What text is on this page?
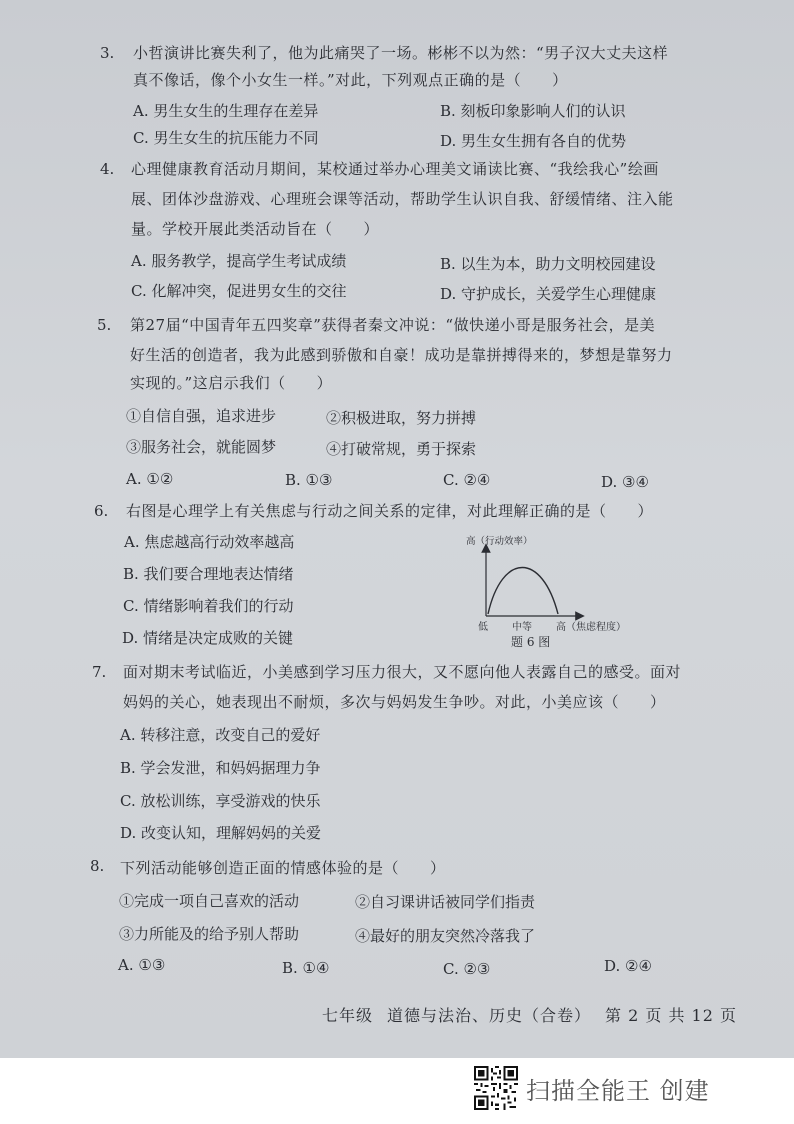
3. 小哲演讲比赛失利了，他为此痛哭了一场。彬彬不以为然：“男子汉大丈夫这样
真不像话，像个小女生一样。”对此，下列观点正确的是（　　）
A. 男生女生的生理存在差异	B. 刻板印象影响人们的认识
C. 男生女生的抗压能力不同	D. 男生女生拥有各自的优势
4. 心理健康教育活动月期间，某校通过举办心理美文诵读比赛、“我绘我心”绘画
展、团体沙盘游戏、心理班会课等活动，帮助学生认识自我、舒缓情绪、注入能
量。学校开展此类活动旨在（　　）
A. 服务教学，提高学生考试成绩	B. 以生为本，助力文明校园建设
C. 化解冲突，促进男女生的交往	D. 守护成长，关爱学生心理健康
5. 第27届“中国青年五四奖章”获得者秦文冲说：“做快递小哥是服务社会，是美
好生活的创造者，我为此感到骄傲和自豪！成功是靠拼搏得来的，梦想是靠努力
实现的。”这启示我们（　　）
①自信自强，追求进步	②积极进取，努力拼搏
③服务社会，就能圆梦	④打破常规，勇于探索
A. ①②	B. ①③	C. ②④	D. ③④
6. 右图是心理学上有关焦虑与行动之间关系的定律，对此理解正确的是（　　）
A. 焦虑越高行动效率越高
B. 我们要合理地表达情绪
C. 情绪影响着我们的行动
D. 情绪是决定成败的关键
高（行动效率）
低 中等 高（焦虑程度）
题 6 图
7. 面对期末考试临近，小美感到学习压力很大，又不愿向他人表露自己的感受。面对
妈妈的关心，她表现出不耐烦，多次与妈妈发生争吵。对此，小美应该（　　）
A. 转移注意，改变自己的爱好
B. 学会发泄，和妈妈据理力争
C. 放松训练，享受游戏的快乐
D. 改变认知，理解妈妈的关爱
8. 下列活动能够创造正面的情感体验的是（　　）
①完成一项自己喜欢的活动	②自习课讲话被同学们指责
③力所能及的给予别人帮助	④最好的朋友突然冷落我了
A. ①③	B. ①④	C. ②③	D. ②④
七年级 道德与法治、历史（合卷） 第 2 页 共 12 页
扫描全能王 创建
